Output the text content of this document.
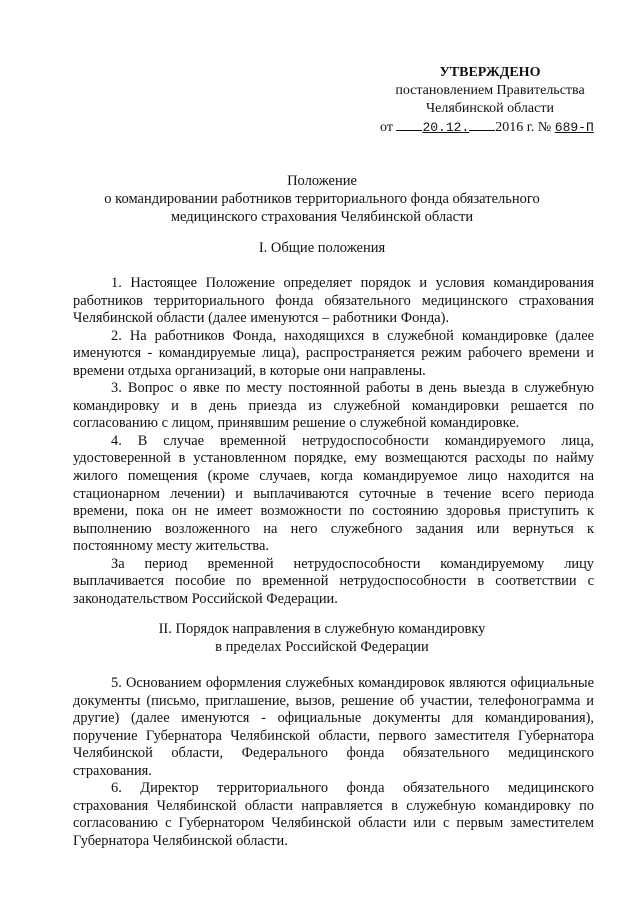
УТВЕРЖДЕНО
постановлением Правительства
Челябинской области
от 20.12. 2016 г. № 689-П
Положение
о командировании работников территориального фонда обязательного
медицинского страхования Челябинской области
I. Общие положения

1. Настоящее Положение определяет порядок и условия командирования работников территориального фонда обязательного медицинского страхования Челябинской области (далее именуются – работники Фонда).

2. На работников Фонда, находящихся в служебной командировке (далее именуются - командируемые лица), распространяется режим рабочего времени и времени отдыха организаций, в которые они направлены.

3. Вопрос о явке по месту постоянной работы в день выезда в служебную командировку и в день приезда из служебной командировки решается по согласованию с лицом, принявшим решение о служебной командировке.

4. В случае временной нетрудоспособности командируемого лица, удостоверенной в установленном порядке, ему возмещаются расходы по найму жилого помещения (кроме случаев, когда командируемое лицо находится на стационарном лечении) и выплачиваются суточные в течение всего периода времени, пока он не имеет возможности по состоянию здоровья приступить к выполнению возложенного на него служебного задания или вернуться к постоянному месту жительства.

За период временной нетрудоспособности командируемому лицу выплачивается пособие по временной нетрудоспособности в соответствии с законодательством Российской Федерации.

II. Порядок направления в служебную командировку
в пределах Российской Федерации

5. Основанием оформления служебных командировок являются официальные документы (письмо, приглашение, вызов, решение об участии, телефонограмма и другие) (далее именуются - официальные документы для командирования), поручение Губернатора Челябинской области, первого заместителя Губернатора Челябинской области, Федерального фонда обязательного медицинского страхования.

6. Директор территориального фонда обязательного медицинского страхования Челябинской области направляется в служебную командировку по согласованию с Губернатором Челябинской области или с первым заместителем Губернатора Челябинской области.
